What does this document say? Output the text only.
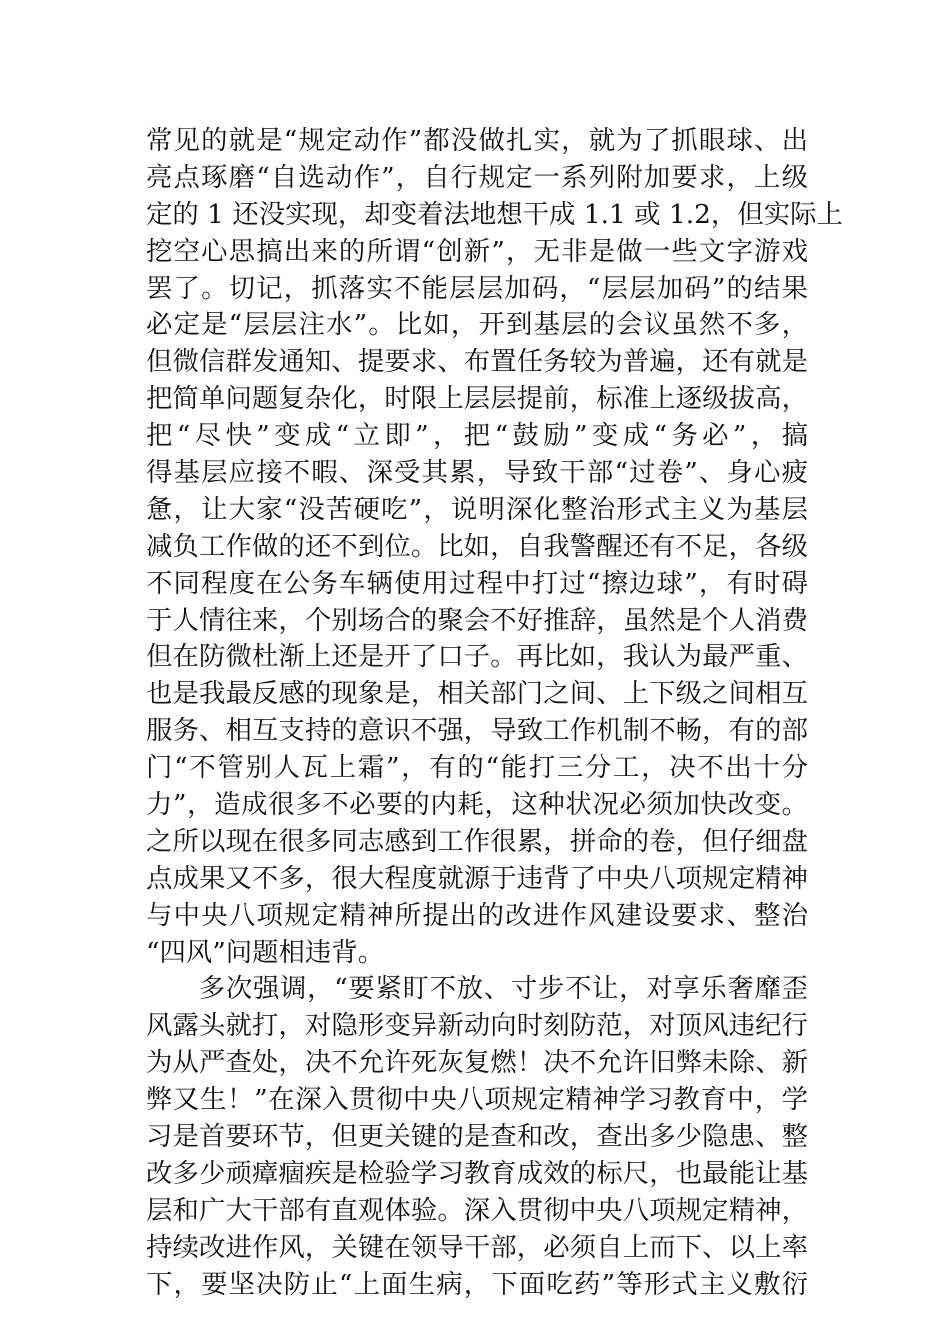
常见的就是“规定动作”都没做扎实，就为了抓眼球、出
亮点琢磨“自选动作”，自行规定一系列附加要求，上级
定的 1 还没实现，却变着法地想干成 1.1 或 1.2，但实际上
挖空心思搞出来的所谓“创新”，无非是做一些文字游戏
罢了。切记，抓落实不能层层加码，“层层加码”的结果
必定是“层层注水”。比如，开到基层的会议虽然不多，
但微信群发通知、提要求、布置任务较为普遍，还有就是
把简单问题复杂化，时限上层层提前，标准上逐级拔高，
把“尽快”变成“立即”，把“鼓励”变成“务必”，搞
得基层应接不暇、深受其累，导致干部“过卷”、身心疲
惫，让大家“没苦硬吃”，说明深化整治形式主义为基层
减负工作做的还不到位。比如，自我警醒还有不足，各级
不同程度在公务车辆使用过程中打过“擦边球”，有时碍
于人情往来，个别场合的聚会不好推辞，虽然是个人消费
但在防微杜渐上还是开了口子。再比如，我认为最严重、
也是我最反感的现象是，相关部门之间、上下级之间相互
服务、相互支持的意识不强，导致工作机制不畅，有的部
门“不管别人瓦上霜”，有的“能打三分工，决不出十分
力”，造成很多不必要的内耗，这种状况必须加快改变。
之所以现在很多同志感到工作很累，拼命的卷，但仔细盘
点成果又不多，很大程度就源于违背了中央八项规定精神
与中央八项规定精神所提出的改进作风建设要求、整治
“四风”问题相违背。
多次强调，“要紧盯不放、寸步不让，对享乐奢靡歪
风露头就打，对隐形变异新动向时刻防范，对顶风违纪行
为从严查处，决不允许死灰复燃！决不允许旧弊未除、新
弊又生！”在深入贯彻中央八项规定精神学习教育中，学
习是首要环节，但更关键的是查和改，查出多少隐患、整
改多少顽瘴痼疾是检验学习教育成效的标尺，也最能让基
层和广大干部有直观体验。深入贯彻中央八项规定精神，
持续改进作风，关键在领导干部，必须自上而下、以上率
下，要坚决防止“上面生病，下面吃药”等形式主义敷衍
